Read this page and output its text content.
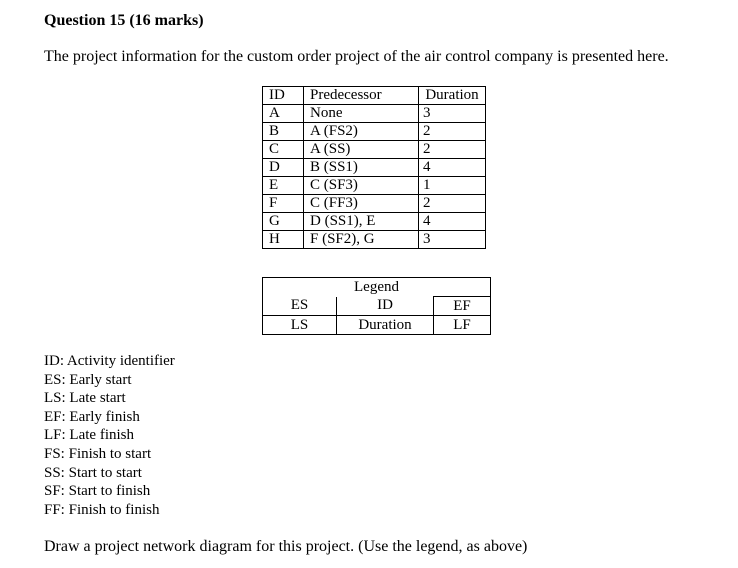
Question 15 (16 marks)

The project information for the custom order project of the air control company is presented here.

ID	Predecessor	Duration
A	None	3
B	A (FS2)	2
C	A (SS)	2
D	B (SS1)	4
E	C (SF3)	1
F	C (FF3)	2
G	D (SS1), E	4
H	F (SF2), G	3
Legend		
ES	ID	EF
LS	Duration	LF
ID: Activity identifier
ES: Early start
LS: Late start
EF: Early finish
LF: Late finish
FS: Finish to start
SS: Start to start
SF: Start to finish
FF: Finish to finish

Draw a project network diagram for this project. (Use the legend, as above)
